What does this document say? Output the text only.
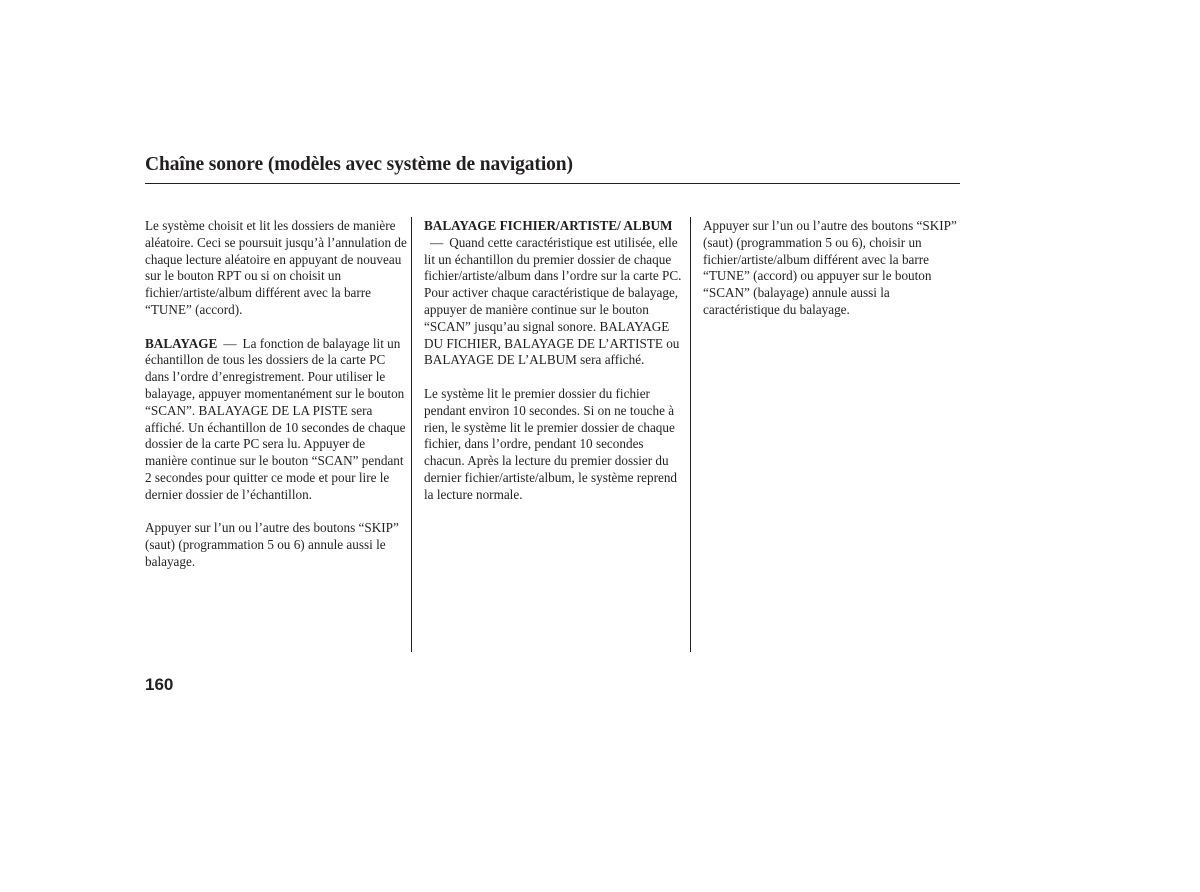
Chaîne sonore (modèles avec système de navigation)

Le système choisit et lit les dossiers de manière aléatoire. Ceci se poursuit jusqu’à l’annulation de chaque lecture aléatoire en appuyant de nouveau sur le bouton RPT ou si on choisit un fichier/artiste/album différent avec la barre “TUNE” (accord).

BALAYAGE — La fonction de balayage lit un échantillon de tous les dossiers de la carte PC dans l’ordre d’enregistrement. Pour utiliser le balayage, appuyer momentanément sur le bouton “SCAN”. BALAYAGE DE LA PISTE sera affiché. Un échantillon de 10 secondes de chaque dossier de la carte PC sera lu. Appuyer de manière continue sur le bouton “SCAN” pendant 2 secondes pour quitter ce mode et pour lire le dernier dossier de l’échantillon.

Appuyer sur l’un ou l’autre des boutons “SKIP” (saut) (programmation 5 ou 6) annule aussi le balayage.

BALAYAGE FICHIER/ARTISTE/ ALBUM— Quand cette caractéristique est utilisée, elle lit un échantillon du premier dossier de chaque fichier/artiste/album dans l’ordre sur la carte PC. Pour activer chaque caractéristique de balayage, appuyer de manière continue sur le bouton “SCAN” jusqu’au signal sonore. BALAYAGE DU FICHIER, BALAYAGE DE L’ARTISTE ou BALAYAGE DE L’ALBUM sera affiché.

Le système lit le premier dossier du fichier pendant environ 10 secondes. Si on ne touche à rien, le système lit le premier dossier de chaque fichier, dans l’ordre, pendant 10 secondes chacun. Après la lecture du premier dossier du dernier fichier/artiste/album, le système reprend la lecture normale.

Appuyer sur l’un ou l’autre des boutons “SKIP” (saut) (programmation 5 ou 6), choisir un fichier/artiste/album différent avec la barre “TUNE” (accord) ou appuyer sur le bouton “SCAN” (balayage) annule aussi la caractéristique du balayage.

160
